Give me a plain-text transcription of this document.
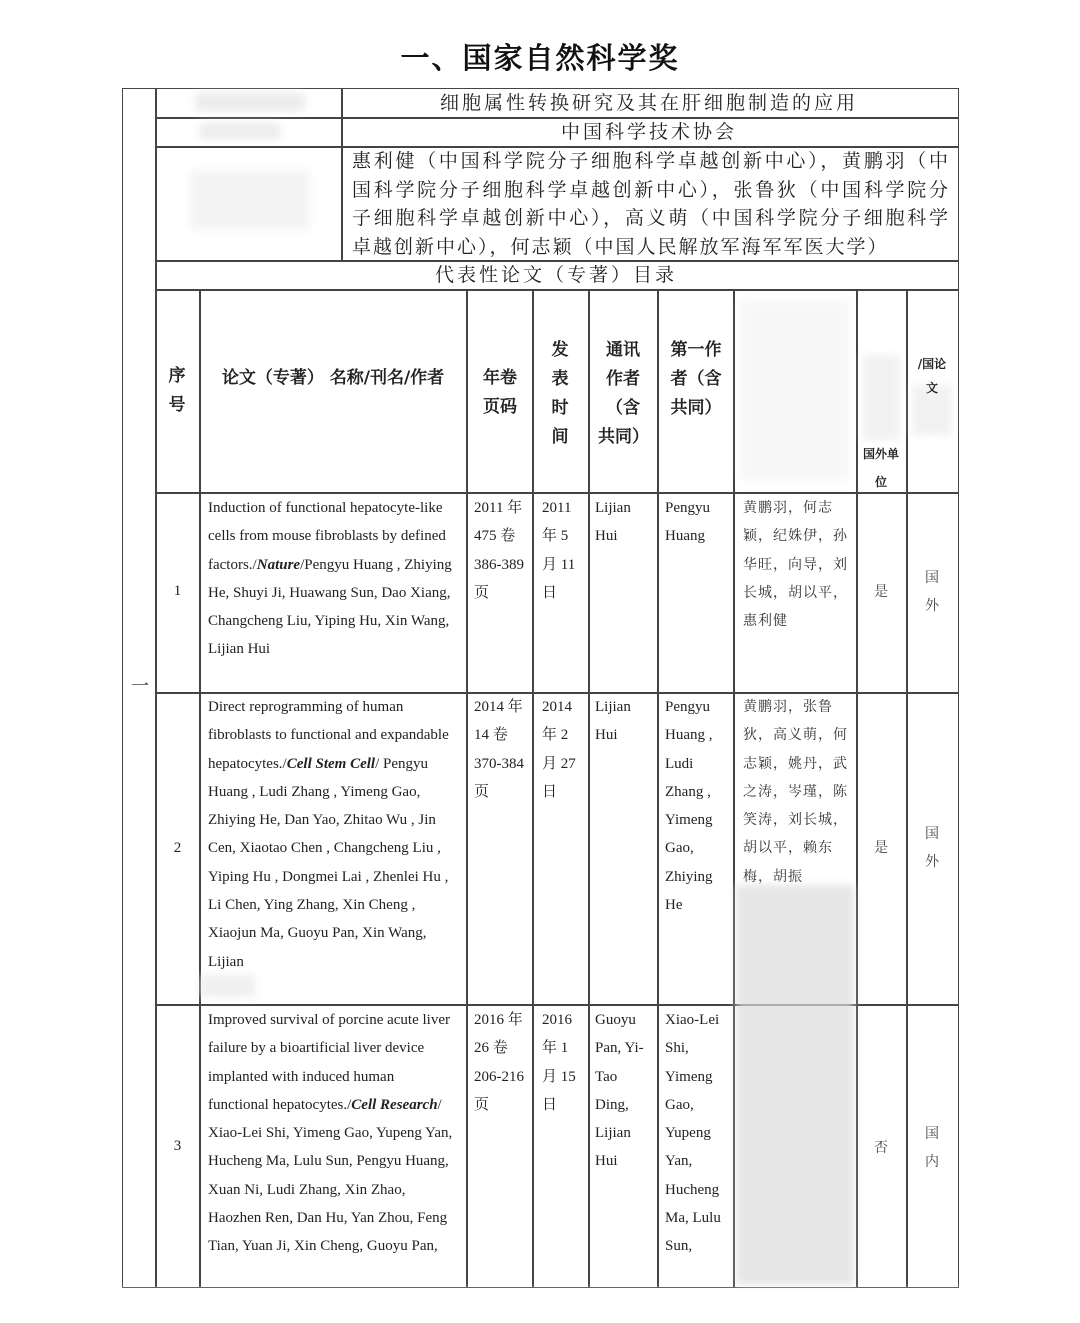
一、国家自然科学奖
一
细胞属性转换研究及其在肝细胞制造的应用
中国科学技术协会
惠利健（中国科学院分子细胞科学卓越创新中心），黄鹏羽（中国科学院分子细胞科学卓越创新中心），张鲁狄（中国科学院分子细胞科学卓越创新中心），高义萌（中国科学院分子细胞科学卓越创新中心），何志颖（中国人民解放军海军军医大学）
代表性论文（专著）目录
序号
论文（专著） 名称/刊名/作者	年卷页码
发表时间
通讯作者（含共同）
第一作者（含共同）
国外单位
/国论文
1
Induction of functional hepatocyte-like cells from mouse fibroblasts by defined factors./Nature/Pengyu Huang , Zhiying He, Shuyi Ji, Huawang Sun, Dao Xiang, Changcheng Liu, Yiping Hu, Xin Wang, Lijian Hui
2011 年 475 卷 386-389 页
2011 年 5 月 11 日
Lijian Hui
Pengyu Huang
黄鹏羽，何志颖，纪姝伊，孙华旺，向导，刘长城，胡以平，惠利健
是
国外
2
Direct reprogramming of human fibroblasts to functional and expandable hepatocytes./Cell Stem Cell/ Pengyu Huang , Ludi Zhang , Yimeng Gao, Zhiying He, Dan Yao, Zhitao Wu , Jin Cen, Xiaotao Chen , Changcheng Liu , Yiping Hu , Dongmei Lai , Zhenlei Hu , Li Chen, Ying Zhang, Xin Cheng , Xiaojun Ma, Guoyu Pan, Xin Wang, Lijian
2014 年 14 卷 370-384 页
2014 年 2 月 27 日
Lijian Hui
Pengyu Huang , Ludi Zhang , Yimeng Gao, Zhiying He
黄鹏羽，张鲁狄，高义萌，何志颖，姚丹，武之涛，岑瑾，陈笑涛，刘长城，胡以平，赖东梅，胡振
是
国外
3
Improved survival of porcine acute liver failure by a bioartificial liver device implanted with induced human functional hepatocytes./Cell Research/ Xiao-Lei Shi, Yimeng Gao, Yupeng Yan, Hucheng Ma, Lulu Sun, Pengyu Huang, Xuan Ni, Ludi Zhang, Xin Zhao, Haozhen Ren, Dan Hu, Yan Zhou, Feng Tian, Yuan Ji, Xin Cheng, Guoyu Pan,
2016 年 26 卷 206-216 页
2016 年 1 月 15 日
Guoyu Pan, Yi-Tao Ding, Lijian Hui
Xiao-Lei Shi, Yimeng Gao, Yupeng Yan, Hucheng Ma, Lulu Sun,
否
国内
